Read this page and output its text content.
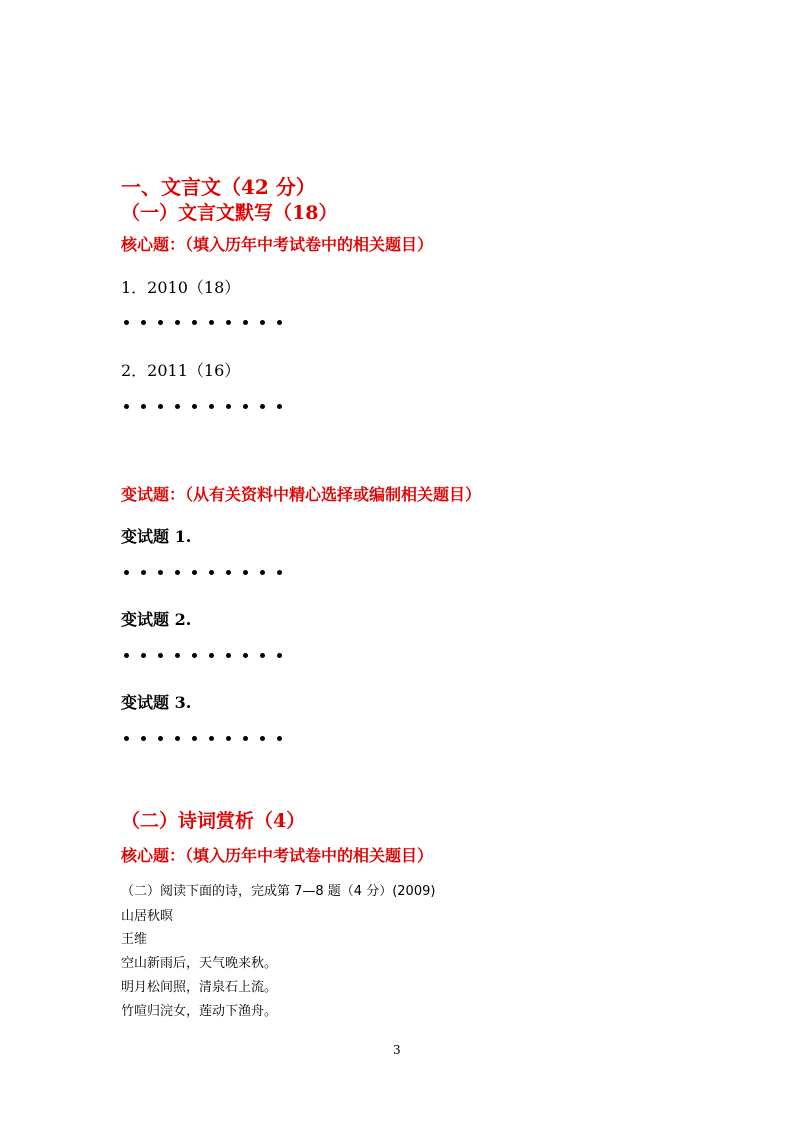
一、文言文（42 分）
（一）文言文默写（18）
核心题：（填入历年中考试卷中的相关题目）
1．2010（18）
2．2011（16）
变试题：（从有关资料中精心选择或编制相关题目）
变试题 1.
变试题 2.
变试题 3.
（二）诗词赏析（4）
核心题：（填入历年中考试卷中的相关题目）
（二）阅读下面的诗，完成第 7—8 题（4 分）(2009)
山居秋暝
王维
空山新雨后，天气晚来秋。
明月松间照，清泉石上流。
竹喧归浣女，莲动下渔舟。
3
